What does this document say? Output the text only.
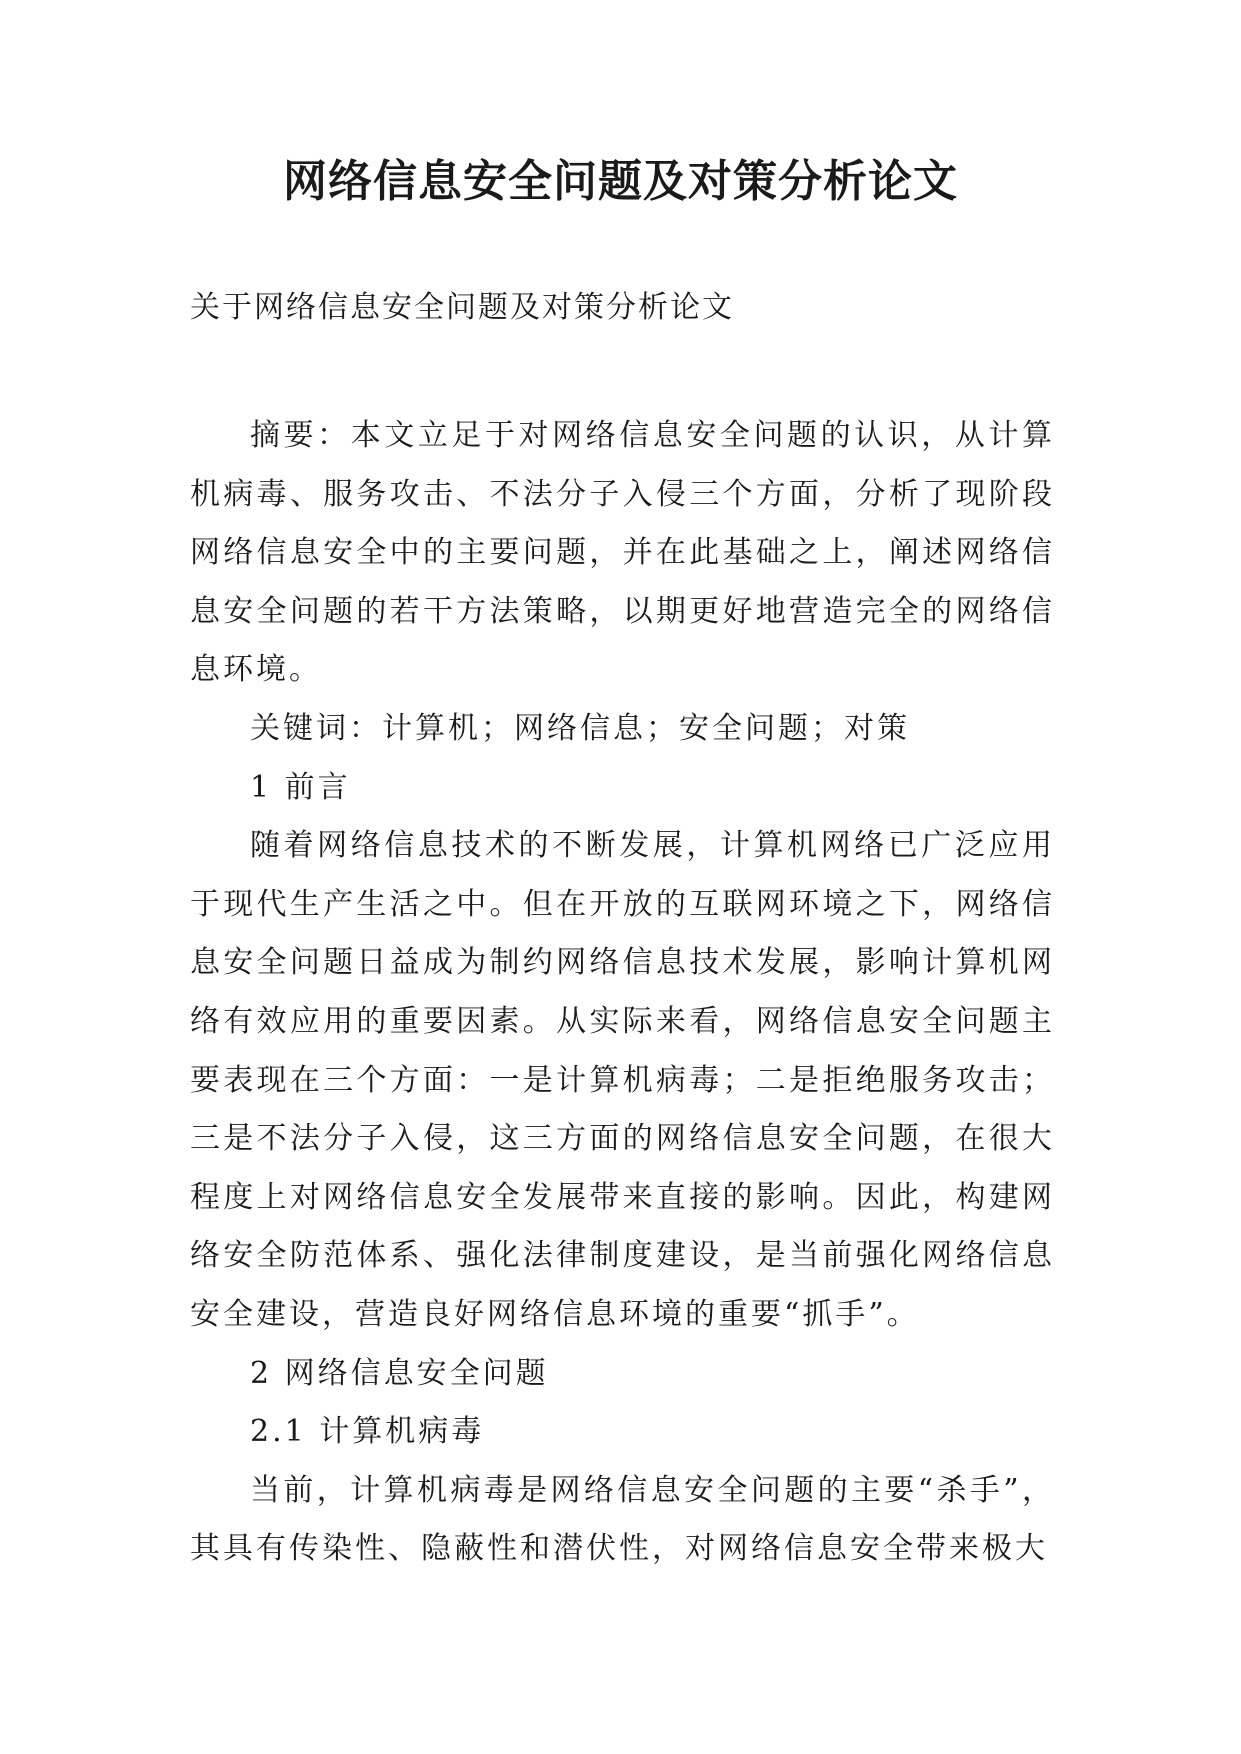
网络信息安全问题及对策分析论文

关于网络信息安全问题及对策分析论文

摘要：本文立足于对网络信息安全问题的认识，从计算机病毒、服务攻击、不法分子入侵三个方面，分析了现阶段网络信息安全中的主要问题，并在此基础之上，阐述网络信息安全问题的若干方法策略，以期更好地营造完全的网络信息环境。

关键词：计算机；网络信息；安全问题；对策

1 前言

随着网络信息技术的不断发展，计算机网络已广泛应用于现代生产生活之中。但在开放的互联网环境之下，网络信息安全问题日益成为制约网络信息技术发展，影响计算机网络有效应用的重要因素。从实际来看，网络信息安全问题主要表现在三个方面：一是计算机病毒；二是拒绝服务攻击；三是不法分子入侵，这三方面的网络信息安全问题，在很大程度上对网络信息安全发展带来直接的影响。因此，构建网络安全防范体系、强化法律制度建设，是当前强化网络信息安全建设，营造良好网络信息环境的重要“抓手”。

2 网络信息安全问题

2.1 计算机病毒

当前，计算机病毒是网络信息安全问题的主要“杀手”，其具有传染性、隐蔽性和潜伏性，对网络信息安全带来极大
